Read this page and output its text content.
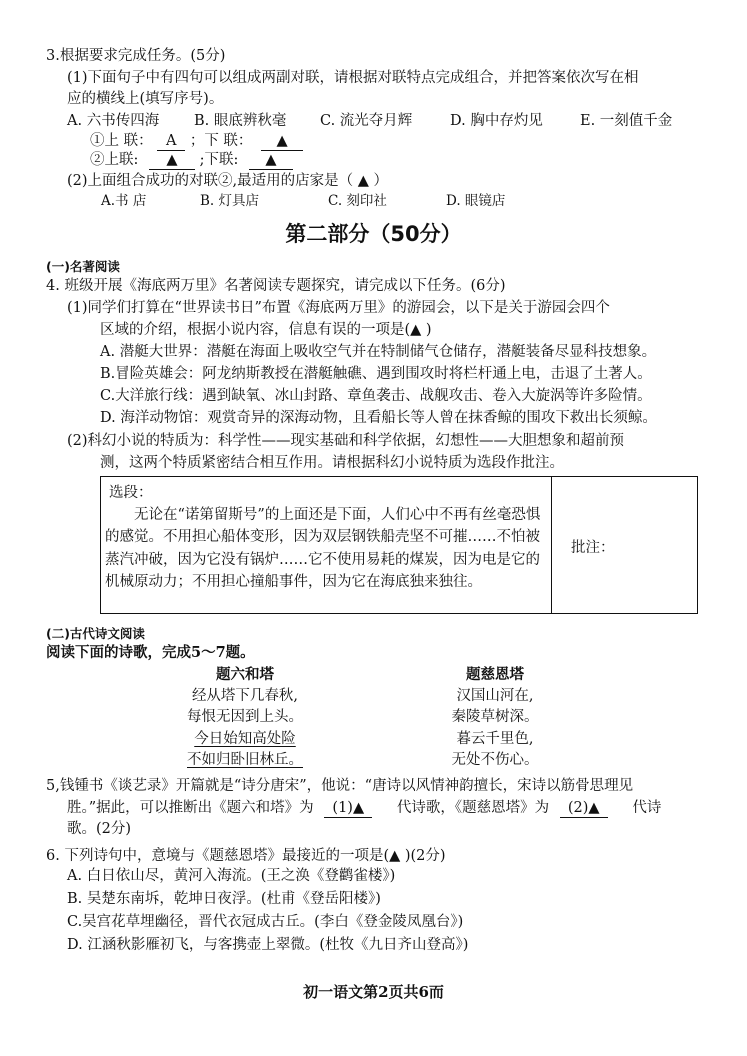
3.根据要求完成任务。(5分)
(1)下面句子中有四句可以组成两副对联，请根据对联特点完成组合，并把答案依次写在相
应的横线上(填写序号)。
A. 六书传四海 B. 眼底辨秋毫 C. 流光夺月辉	D. 胸中存灼见	E. 一刻值千金
①上 联： A ；下 联： ▲
②上联: ▲ ;下联: ▲
(2)上面组合成功的对联②,最适用的店家是（ ▲ ）
A.书 店	B. 灯具店	C. 刻印社	D. 眼镜店
第二部分（50分）
(一)名著阅读
4. 班级开展《海底两万里》名著阅读专题探究，请完成以下任务。(6分)
(1)同学们打算在“世界读书日”布置《海底两万里》的游园会，以下是关于游园会四个
区域的介绍，根据小说内容，信息有误的一项是(▲ )
A. 潜艇大世界：潜艇在海面上吸收空气并在特制储气仓储存，潜艇装备尽显科技想象。
B.冒险英雄会：阿龙纳斯教授在潜艇触礁、遇到围攻时将栏杆通上电，击退了土著人。
C.大洋旅行线：遇到缺氧、冰山封路、章鱼袭击、战舰攻击、卷入大旋涡等许多险情。
D. 海洋动物馆：观赏奇异的深海动物，且看船长等人曾在抹香鲸的围攻下救出长须鲸。
(2)科幻小说的特质为：科学性——现实基础和科学依据，幻想性——大胆想象和超前预
测，这两个特质紧密结合相互作用。请根据科幻小说特质为选段作批注。
选段：
无论在“诺第留斯号”的上面还是下面，人们心中不再有丝毫恐惧的感觉。不用担心船体变形，因为双层钢铁船壳坚不可摧……不怕被蒸汽冲破，因为它没有锅炉……它不使用易耗的煤炭，因为电是它的机械原动力；不用担心撞船事件，因为它在海底独来独往。
批注：
(二)古代诗文阅读
阅读下面的诗歌，完成5～7题。
题六和塔
经从塔下几春秋,
每恨无因到上头。
今日始知高处险
不如归卧旧林丘。
题慈恩塔
汉国山河在,
秦陵草树深。
暮云千里色,
无处不伤心。
5,钱锺书《谈艺录》开篇就是“诗分唐宋”，他说：“唐诗以风情神韵擅长，宋诗以筋骨思理见
胜。”据此，可以推断出《题六和塔》为 (1)▲ 代诗歌，《题慈恩塔》为 (2)▲ 代诗
歌。(2分)
6. 下列诗句中，意境与《题慈恩塔》最接近的一项是(▲ )(2分)
A. 白日依山尽，黄河入海流。(王之涣《登鹳雀楼》)
B. 吴楚东南坼，乾坤日夜浮。(杜甫《登岳阳楼》)
C.吴宫花草埋幽径，晋代衣冠成古丘。(李白《登金陵凤凰台》)
D. 江涵秋影雁初飞，与客携壶上翠微。(杜牧《九日齐山登高》)
初一语文第2页共6而
